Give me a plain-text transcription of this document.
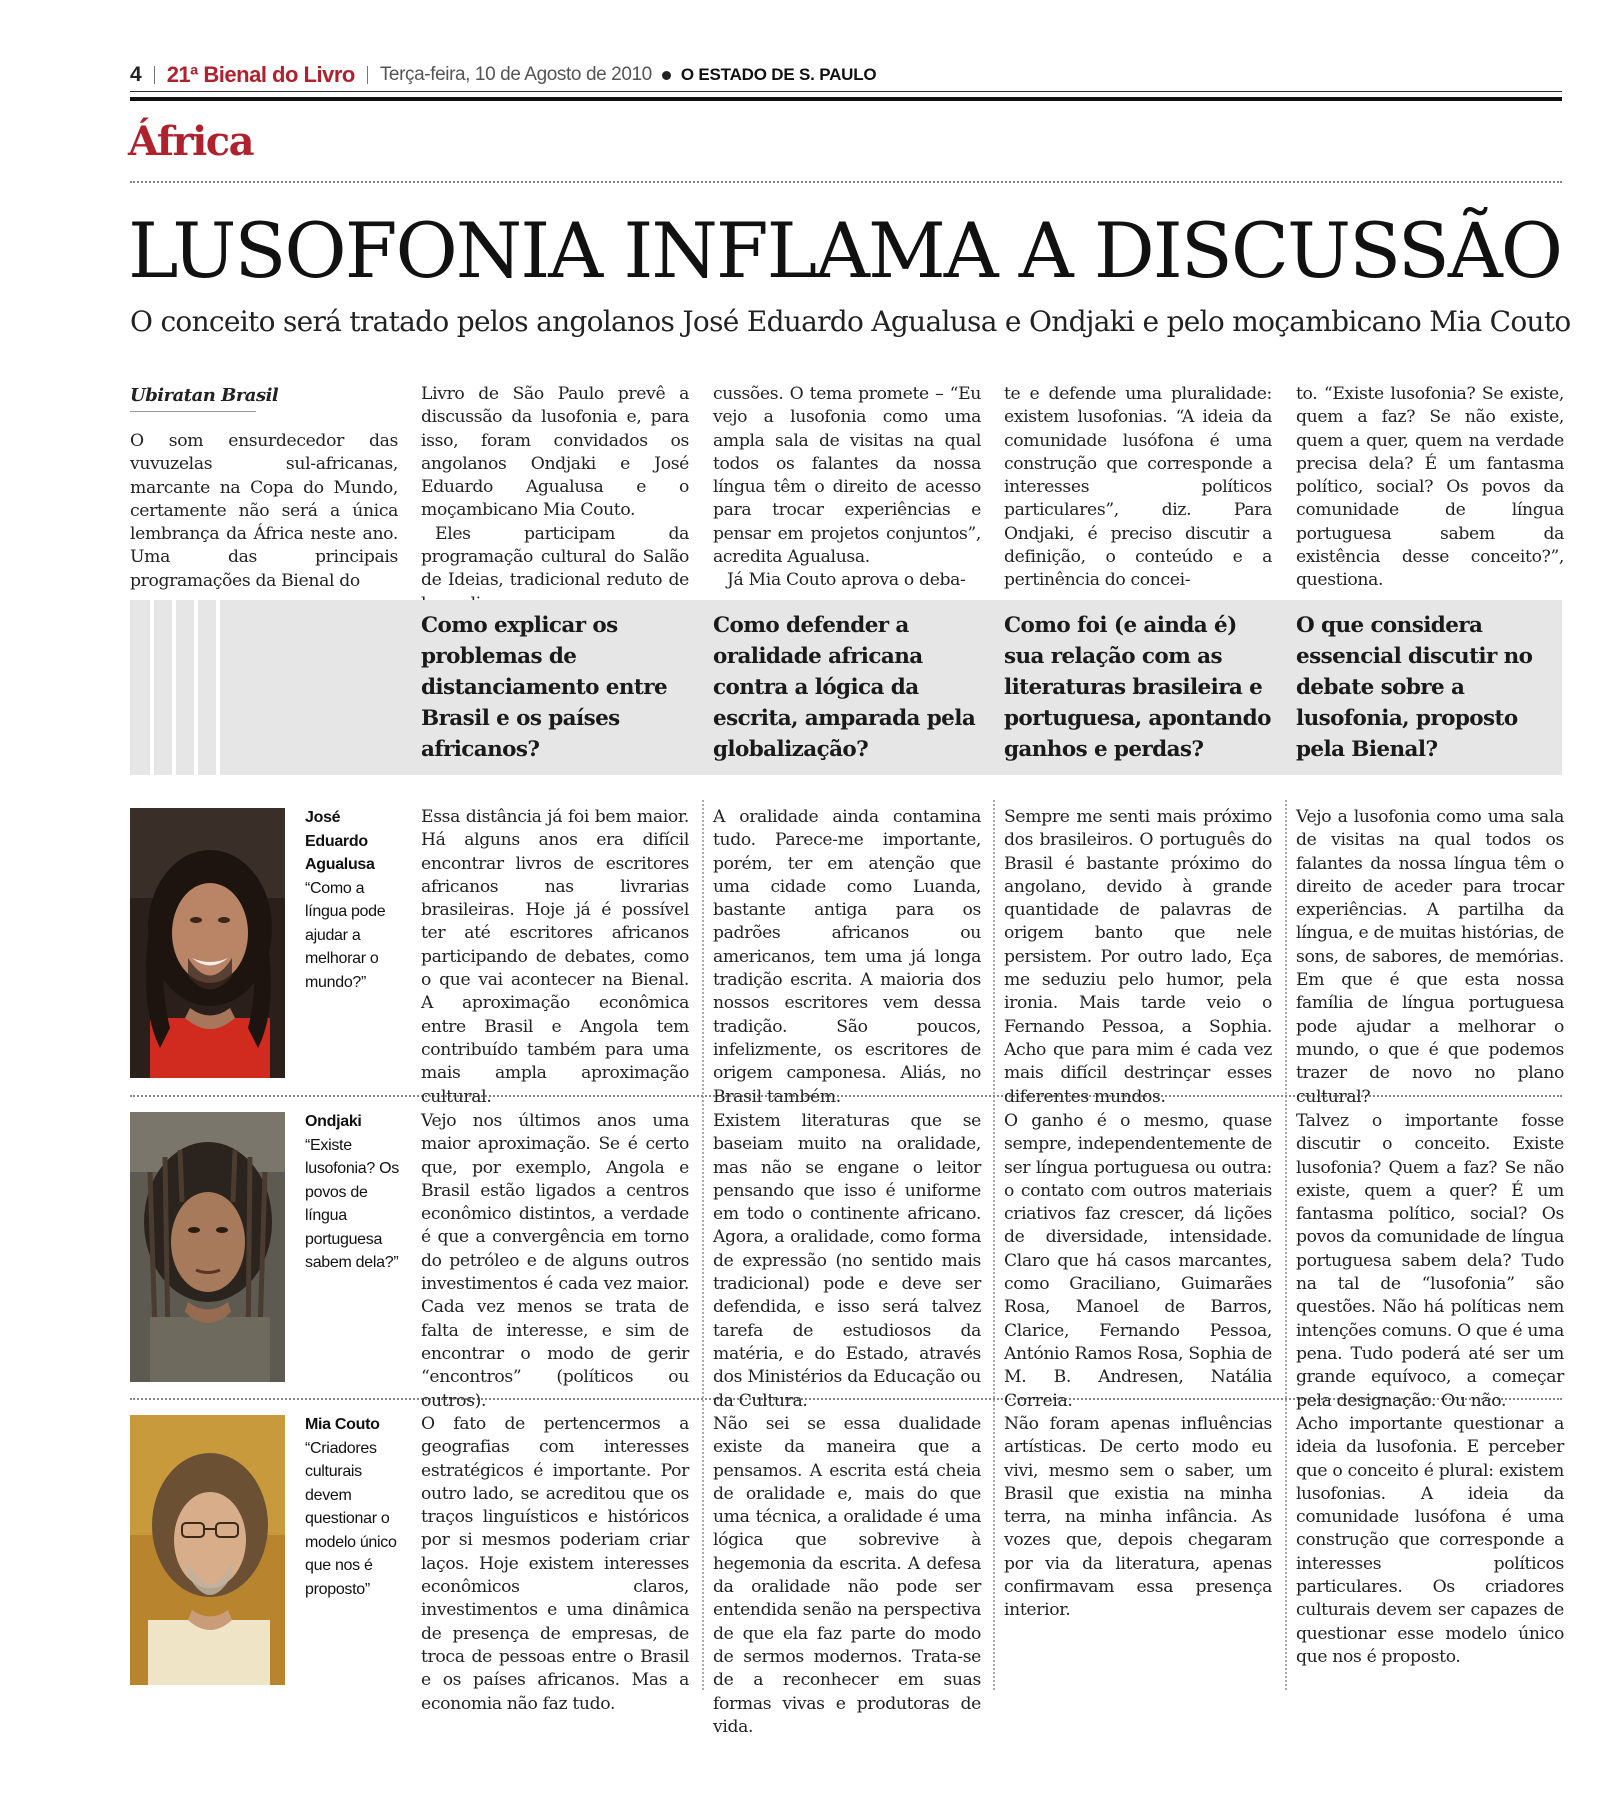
4 21ª Bienal do Livro Terça-feira, 10 de Agosto de 2010 O ESTADO DE S. PAULO
África
LUSOFONIA INFLAMA A DISCUSSÃO

O conceito será tratado pelos angolanos José Eduardo Agualusa e Ondjaki e pelo moçambicano Mia Couto

Ubiratan Brasil

O som ensurdecedor das vuvuzelas sul-africanas, marcante na Copa do Mundo, certamente não será a única lembrança da África neste ano. Uma das principais programações da Bienal do

Livro de São Paulo prevê a discussão da lusofonia e, para isso, foram convidados os angolanos Ondjaki e José Eduardo Agualusa e o moçambicano Mia Couto.

Eles participam da programação cultural do Salão de Ideias, tradicional reduto de

cussões. O tema promete – “Eu vejo a lusofonia como uma ampla sala de visitas na qual todos os falantes da nossa língua têm o direito de acesso para trocar experiências e pensar em projetos conjuntos”, acredita Agualusa.

Já Mia Couto aprova o deba-

te e defende uma pluralidade: existem lusofonias. “A ideia da comunidade lusófona é uma construção que corresponde a interesses políticos particulares”, diz. Para Ondjaki, é preciso discutir a definição, o conteúdo e a pertinência do concei-

to. “Existe lusofonia? Se existe, quem a faz? Se não existe, quem a quer, quem na verdade precisa dela? É um fantasma político, social? Os povos da comunidade de língua portuguesa sabem da existência desse conceito?”, questiona.

Como explicar os problemas de distanciamento entre Brasil e os países africanos?

Como defender a oralidade africana contra a lógica da escrita, amparada pela globalização?

Como foi (e ainda é) sua relação com as literaturas brasileira e portuguesa, apontando ganhos e perdas?

O que considera essencial discutir no debate sobre a lusofonia, proposto pela Bienal?

José Eduardo Agualusa
“Como a língua pode ajudar a melhorar o mundo?”

Essa distância já foi bem maior. Há alguns anos era difícil encontrar livros de escritores africanos nas livrarias brasileiras. Hoje já é possível ter até escritores africanos participando de debates, como o que vai acontecer na Bienal. A aproximação econômica entre Brasil e Angola tem contribuído também para uma mais ampla aproximação cultural.

A oralidade ainda contamina tudo. Parece-me importante, porém, ter em atenção que uma cidade como Luanda, bastante antiga para os padrões africanos ou americanos, tem uma já longa tradição escrita. A maioria dos nossos escritores vem dessa tradição. São poucos, infelizmente, os escritores de origem camponesa. Aliás, no Brasil também.

Sempre me senti mais próximo dos brasileiros. O português do Brasil é bastante próximo do angolano, devido à grande quantidade de palavras de origem banto que nele persistem. Por outro lado, Eça me seduziu pelo humor, pela ironia. Mais tarde veio o Fernando Pessoa, a Sophia. Acho que para mim é cada vez mais difícil destrinçar esses diferentes mundos.

Vejo a lusofonia como uma sala de visitas na qual todos os falantes da nossa língua têm o direito de aceder para trocar experiências. A partilha da língua, e de muitas histórias, de sons, de sabores, de memórias. Em que é que esta nossa família de língua portuguesa pode ajudar a melhorar o mundo, o que é que podemos trazer de novo no plano cultural?

Ondjaki
“Existe lusofonia? Os povos de língua portuguesa sabem dela?”

Vejo nos últimos anos uma maior aproximação. Se é certo que, por exemplo, Angola e Brasil estão ligados a centros econômico distintos, a verdade é que a convergência em torno do petróleo e de alguns outros investimentos é cada vez maior. Cada vez menos se trata de falta de interesse, e sim de encontrar o modo de gerir “encontros” (políticos ou outros).

Existem literaturas que se baseiam muito na oralidade, mas não se engane o leitor pensando que isso é uniforme em todo o continente africano. Agora, a oralidade, como forma de expressão (no sentido mais tradicional) pode e deve ser defendida, e isso será talvez tarefa de estudiosos da matéria, e do Estado, através dos Ministérios da Educação ou da Cultura.

O ganho é o mesmo, quase sempre, independentemente de ser língua portuguesa ou outra: o contato com outros materiais criativos faz crescer, dá lições de diversidade, intensidade. Claro que há casos marcantes, como Graciliano, Guimarães Rosa, Manoel de Barros, Clarice, Fernando Pessoa, António Ramos Rosa, Sophia de M. B. Andresen, Natália Correia.

Talvez o importante fosse discutir o conceito. Existe lusofonia? Quem a faz? Se não existe, quem a quer? É um fantasma político, social? Os povos da comunidade de língua portuguesa sabem dela? Tudo na tal de “lusofonia” são questões. Não há políticas nem intenções comuns. O que é uma pena. Tudo poderá até ser um grande equívoco, a começar pela designação. Ou não.

Mia Couto
“Criadores culturais devem questionar o modelo único que nos é proposto”

O fato de pertencermos a geografias com interesses estratégicos é importante. Por outro lado, se acreditou que os traços linguísticos e históricos por si mesmos poderiam criar laços. Hoje existem interesses econômicos claros, investimentos e uma dinâmica de presença de empresas, de troca de pessoas entre o Brasil e os países africanos. Mas a economia não faz tudo.

Não sei se essa dualidade existe da maneira que a pensamos. A escrita está cheia de oralidade e, mais do que uma técnica, a oralidade é uma lógica que sobrevive à hegemonia da escrita. A defesa da oralidade não pode ser entendida senão na perspectiva de que ela faz parte do modo de sermos modernos. Trata-se de a reconhecer em suas formas vivas e produtoras de vida.

Não foram apenas influências artísticas. De certo modo eu vivi, mesmo sem o saber, um Brasil que existia na minha terra, na minha infância. As vozes que, depois chegaram por via da literatura, apenas confirmavam essa presença interior.

Acho importante questionar a ideia da lusofonia. E perceber que o conceito é plural: existem lusofonias. A ideia da comunidade lusófona é uma construção que corresponde a interesses políticos particulares. Os criadores culturais devem ser capazes de questionar esse modelo único que nos é proposto.
